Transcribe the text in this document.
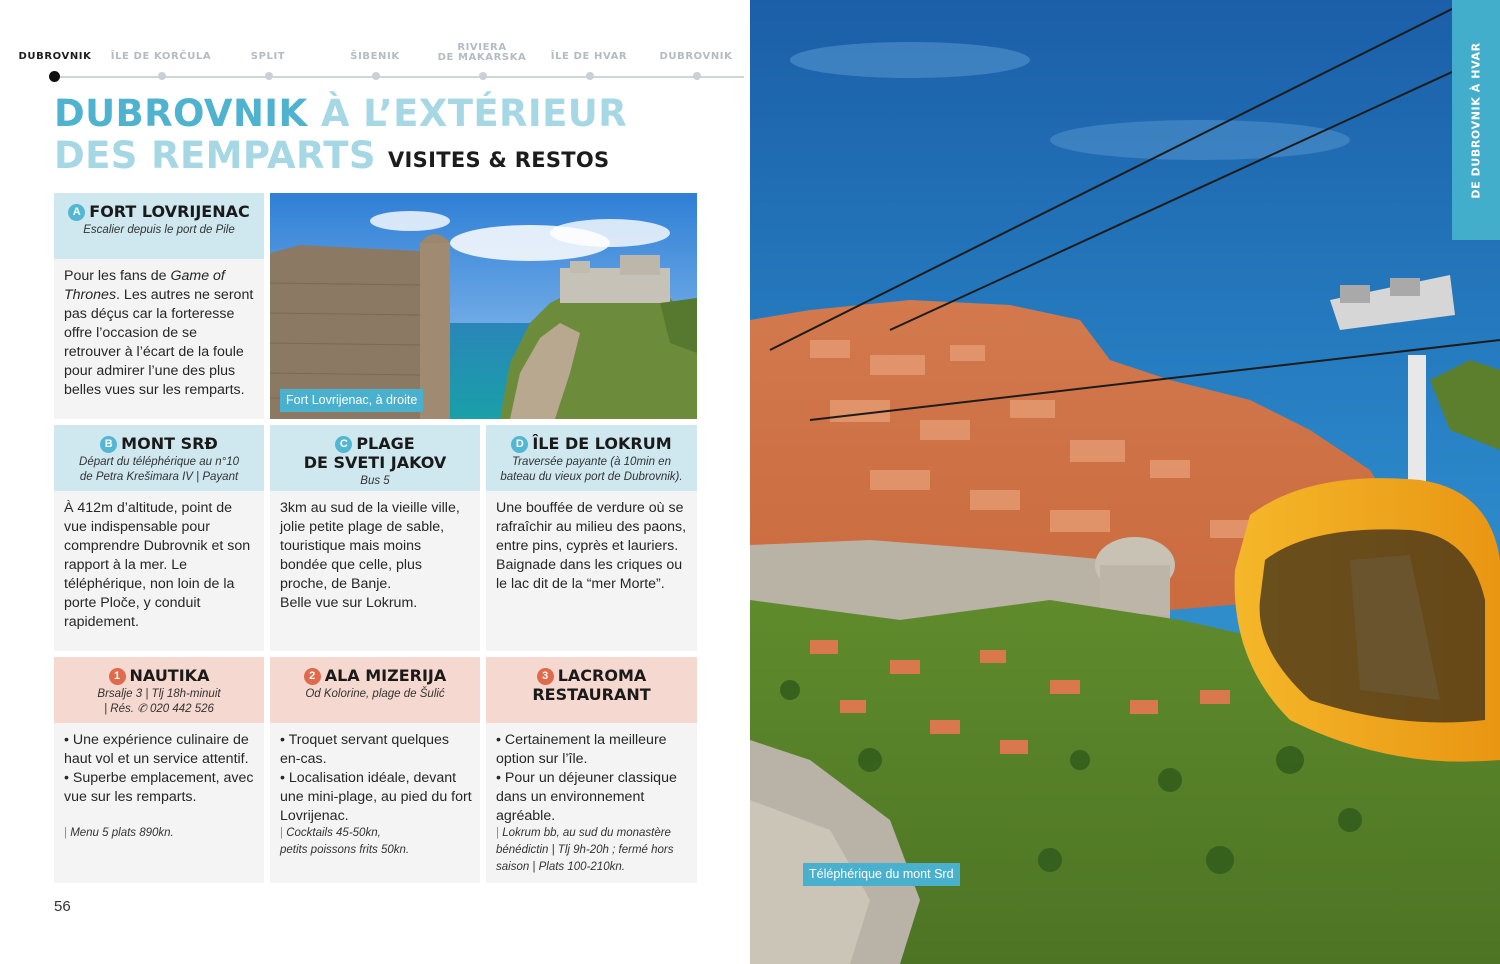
DUBROVNIK	ÎLE DE KORČULA	SPLIT	ŠIBENIK
RIVIERA
DE MAKARSKA	ÎLE DE HVAR	DUBROVNIK
DUBROVNIK À L’EXTÉRIEUR
DES REMPARTS VISITES & RESTOS
A FORT LOVRIJENAC
Escalier depuis le port de Pile
Pour les fans de Game of Thrones. Les autres ne seront pas déçus car la forteresse offre l’occasion de se retrouver à l’écart de la foule pour admirer l’une des plus belles vues sur les remparts.
Fort Lovrijenac, à droite
B MONT SRÐ
Départ du téléphérique au n°10
de Petra Krešimara IV | Payant
À 412m d’altitude, point de vue indispensable pour comprendre Dubrovnik et son rapport à la mer. Le téléphérique, non loin de la porte Ploče, y conduit rapidement.
C PLAGE
DE SVETI JAKOV
Bus 5
3km au sud de la vieille ville, jolie petite plage de sable, touristique mais moins bondée que celle, plus proche, de Banje.
Belle vue sur Lokrum.
D ÎLE DE LOKRUM
Traversée payante (à 10min en
bateau du vieux port de Dubrovnik).
Une bouffée de verdure où se rafraîchir au milieu des paons, entre pins, cyprès et lauriers. Baignade dans les criques ou le lac dit de la “mer Morte”.
1 NAUTIKA
Brsalje 3 | Tlj 18h-minuit
| Rés. ✆ 020 442 526
• Une expérience culinaire de haut vol et un service attentif.
• Superbe emplacement, avec vue sur les remparts.
| Menu 5 plats 890kn.
2 ALA MIZERIJA
Od Kolorine, plage de Šulić
• Troquet servant quelques en-cas.
• Localisation idéale, devant une mini-plage, au pied du fort Lovrijenac.
| Cocktails 45-50kn,
petits poissons frits 50kn.
3 LACROMA
RESTAURANT
• Certainement la meilleure option sur l’île.
• Pour un déjeuner classique dans un environnement agréable.
| Lokrum bb, au sud du monastère
bénédictin | Tlj 9h-20h ; fermé hors
saison | Plats 100-210kn.
56
Téléphérique du mont Srd
DE DUBROVNIK À HVAR
